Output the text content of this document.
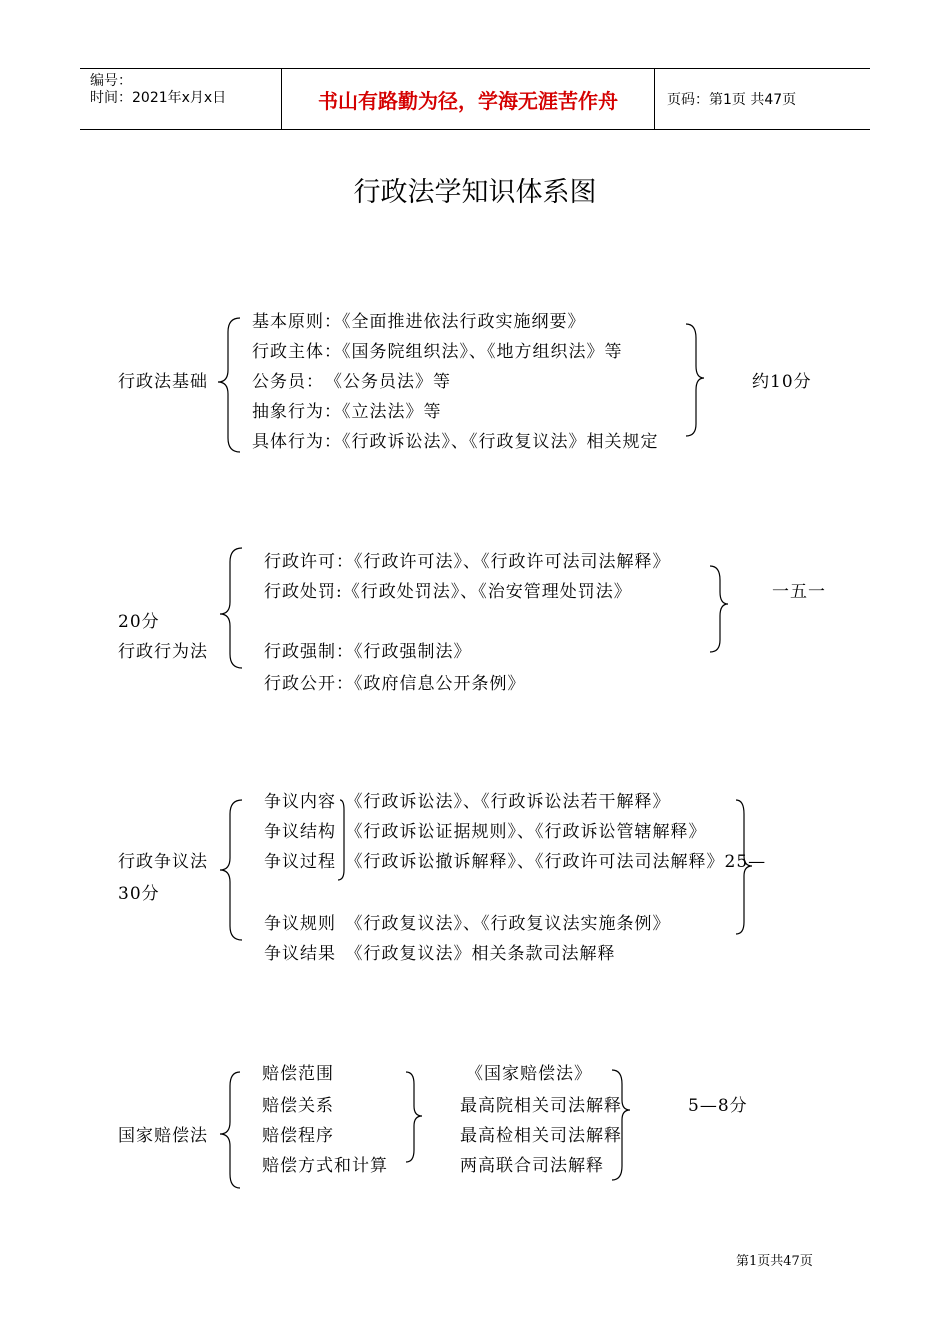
编号：
时间：2021年x月x日	书山有路勤为径，学海无涯苦作舟	页码：第1页 共47页
行政法学知识体系图
行政法基础
基本原则：《全面推进依法行政实施纲要》
行政主体：《国务院组织法》、《地方组织法》等
公务员：　《公务员法》等
抽象行为：《立法法》等
具体行为：《行政诉讼法》、《行政复议法》相关规定
约10分
行政许可：《行政许可法》、《行政许可法司法解释》
行政处罚:《行政处罚法》、《治安管理处罚法》	一五一
20分
行政行为法	行政强制：《行政强制法》
行政公开：《政府信息公开条例》
争议内容　《行政诉讼法》、《行政诉讼法若干解释》
争议结构　《行政诉讼证据规则》、《行政诉讼管辖解释》
行政争议法	争议过程　《行政诉讼撤诉解释》、《行政许可法司法解释》25—
30分
争议规则　《行政复议法》、《行政复议法实施条例》
争议结果　《行政复议法》相关条款司法解释
赔偿范围	《国家赔偿法》
赔偿关系	最高院相关司法解释	5—8分
国家赔偿法	赔偿程序	最高检相关司法解释
赔偿方式和计算	两高联合司法解释
第1页共47页
